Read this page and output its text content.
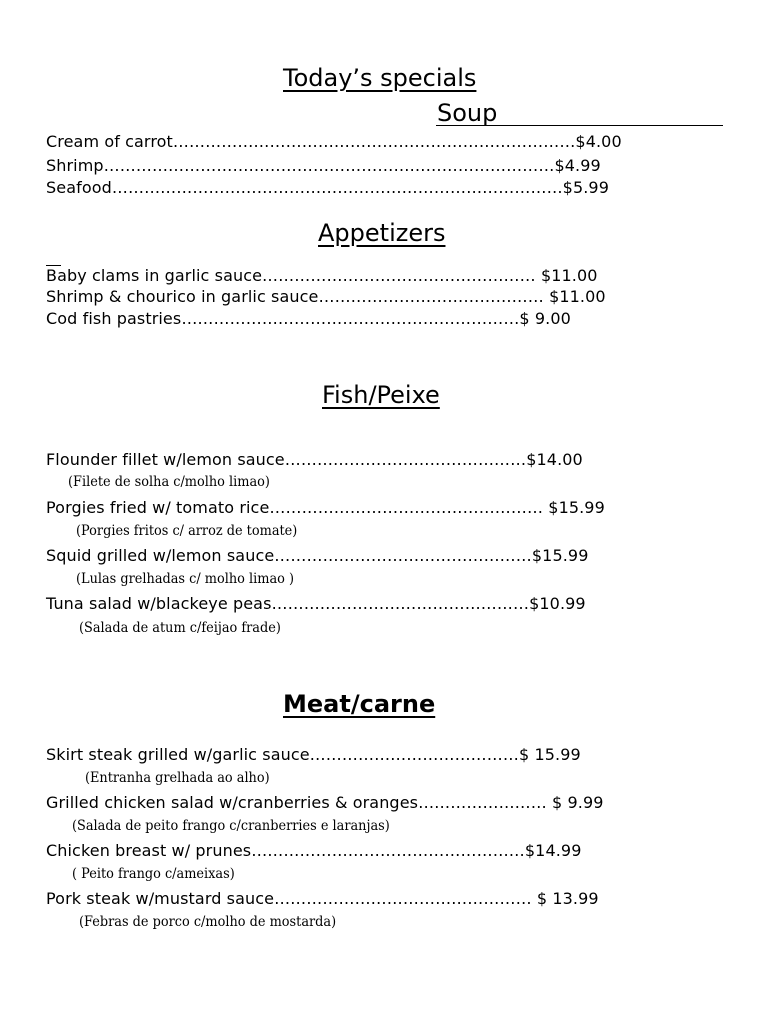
Today’s specials
Soup
Cream of carrot…………………………………………………………………$4.00
Shrimp…………………………………………………………………………$4.99
Seafood…………………………………………………………………………$5.99
Appetizers
Baby clams in garlic sauce…………………………………………… $11.00
Shrimp & chourico in garlic sauce…………………………………… $11.00
Cod fish pastries………………………………………………………$ 9.00
Fish/Peixe
Flounder fillet w/lemon sauce………………………………………$14.00
(Filete de solha c/molho limao)
Porgies fried w/ tomato rice…………………………………………… $15.99
(Porgies fritos c/ arroz de tomate)
Squid grilled w/lemon sauce…………………………………………$15.99
(Lulas grelhadas c/ molho limao )
Tuna salad w/blackeye peas…………………………………………$10.99
(Salada de atum c/feijao frade)
Meat/carne
Skirt steak grilled w/garlic sauce…………………………………$ 15.99
(Entranha grelhada ao alho)
Grilled chicken salad w/cranberries & oranges…………………… $ 9.99
(Salada de peito frango c/cranberries e laranjas)
Chicken breast w/ prunes……………………………………………$14.99
( Peito frango c/ameixas)
Pork steak w/mustard sauce………………………………………… $ 13.99
(Febras de porco c/molho de mostarda)
